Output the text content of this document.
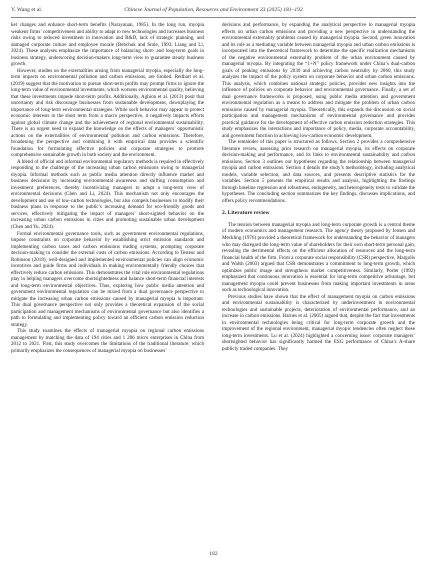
Y. Wang et al.	Chinese Journal of Population, Resources and Environment 23 (2025) 181–192

ket changes and enhance short-term benefits (Narayanan, 1985). In the long run, myopia weakens firms’ competitiveness and ability to adapt to new technologies and increases business risks owing to reduced investment in innovation and R&D, lack of strategic planning, and damaged corporate culture and employee morale (Bebchuk and Stole, 1993; Liang and Li, 2024). These analyses emphasize the importance of balancing short- and long-term goals in business strategy, underscoring decision-makers long-term view to guarantee steady business growth.

However, studies on the externalities arising from managerial myopia, especially the long-term impacts on environmental pollution and carbon emissions, are limited. Reilhart et al. (2019) suggest that the motivation to pursue short-term profits may prompt firms to ignore the long-term value of environmental investments, which worsens environmental quality, believing that these investments impede short-term profits. Additionally, Aghion et al. (2013) posit that uncertainty and risk discourage businesses from sustainable development, downplaying the importance of long-term environmental strategies. While such behavior may appear to protect economic interests in the short term from a macro perspective, it negatively impacts efforts against global climate change and the achievement of regional environmental sustainability. There is an urgent need to expand the knowledge on the effects of managers’ opportunistic actions on the externalities of environmental pollution and carbon emissions. Therefore, broadening the perspective and combining it with empirical data provides a scientific foundation for formulating effective policies and corporate strategies to promote comprehensive sustainable growth in both society and the environment.

A blend of official and informal environmental regulatory methods is required in effectively responding to the challenge of the increasing urban carbon emissions owing to managerial myopia. Informal methods such as public media attention directly influence market and business decisions by increasing environmental awareness and shifting consumption and investment preferences, thereby incentivizing managers to adopt a long-term view of environmental decisions (Chen and Li, 2024). This mechanism not only encourages the development and use of low-carbon technologies, but also compels businesses to modify their business plans in response to the public’s increasing demand for eco-friendly goods and services, effectively mitigating the impact of managers’ short-sighted behavior on the increasing urban carbon emissions in cities and promoting sustainable urban development (Chen and Yu, 2024).

Formal environmental governance tools, such as government environmental regulations, impose constraints on corporate behavior by establishing strict emission standards and implementing carbon taxes and carbon emissions trading systems, prompting corporate decision-making to consider the external costs of carbon emissions. According to Testeur and Robinson (2018), well-designed and implemented environmental policies can align economic incentives and guide firms and individuals in making environmentally friendly choices that effectively reduce carbon emissions. This demonstrates the vital role environmental regulations play in helping managers overcome shortsightedness and balance short-term financial interests and long-term environmental objectives. Thus, exploring how public media attention and government environmental regulation can be mixed from a dual governance perspective to mitigate the increasing urban carbon emissions caused by managerial myopia is important. This dual governance perspective not only provides a theoretical expansion of the social participation and management mechanisms of environmental governance but also identifies a path to formulating and implementing policy toward an efficient carbon emission reduction strategy.

This study examines the effects of managerial myopia on regional carbon emissions management by matching the data of 194 cities and 1 286 micro enterprises in China from 2012 to 2021. First, this study overcomes the limitations of the traditional literature, which primarily emphasizes the consequences of managerial myopia on businesses’

decisions and performance, by expanding the analytical perspective to managerial myopia effects on urban carbon emissions and providing a new perspective in understanding the environmental externality problems caused by managerial myopia. Second, green innovation and its role as a mediating variable between managerial myopia and urban carbon emissions is incorporated into the theoretical framework to determine the specific realization mechanisms of the negative environmental externality problem of the urban environment caused by managerial myopia. By integrating the “1+N” policy framework under China’s dual-carbon goals of peaking emissions by 2030 and achieving carbon neutrality by 2060, this study analyzes the impact of the policy system on corporate behavior and urban carbon emissions. This analysis, which combines national strategic policies, provides new insights into the influence of policies on corporate behavior and environmental governance. Finally, a set of dual governance frameworks is proposed, using public media attention and government environmental regulation as a means to address and mitigate the problem of urban carbon emissions caused by managerial myopia. Theoretically, this expands the discussion on social participation and management mechanisms of environmental governance and provides practical guidance for the development of effective carbon emission reduction strategies. This study emphasizes the interactions and importance of policy, media, corporate accountability, and government function in achieving low-carbon economic development.

The remainder of this paper is structured as follows. Section 2 provides a comprehensive literature review, assessing prior research on managerial myopia, its effects on corporate decision-making and performance, and its links to environmental sustainability and carbon emissions. Section 3 outlines our hypotheses regarding the relationship between managerial myopia and carbon emissions. Section 4 details the study’s methodology, including analytical models, variable selection, and data sources, and presents descriptive statistics for the variables. Section 5 presents the empirical results and analysis, highlighting the findings through baseline regression and robustness, endogeneity, and heterogeneity tests to validate the hypotheses. The concluding section summarizes the key findings, discusses implications, and offers policy recommendations.

2. Literature review

The tension between managerial myopia and long-term corporate growth is a central theme of modern economics and management research. The agency theory proposed by Jensen and Meckling (1976) provided a theoretical framework for understanding the behavior of managers who may disregard the long-term value of shareholders for their own short-term personal gain, revealing the detrimental effects on the efficient allocation of resources and the long-term financial health of the firm. From a corporate social responsibility (CSR) perspective, Margolis and Walsh (2003) argued that CSR demonstrates a commitment to long-term growth, which optimizes public image and strengthens market competitiveness. Similarly, Porter (1992) emphasized that continuous innovation is essential for long-term competitive advantage, but management myopia could prevent businesses from making important investments in areas such as technological innovation.

Previous studies have shown that the effect of management myopia on carbon emissions and environmental sustainability is characterized by underinvestment in environmental technologies and sustainable projects, deterioration of environmental performance, and an increase in carbon emissions. Barnes et al. (2005) argued that, despite the fact that investments in environmental technologies being critical for long-term corporate growth and the improvement of the regional environment, managerial myopic tendencies often neglect these long-term investments. Lu et al. (2024) highlighted a concerning issue: corporate managers’ shortsighted behavior has significantly harmed the ESG performance of China’s A-share publicly traded companies. They

182
